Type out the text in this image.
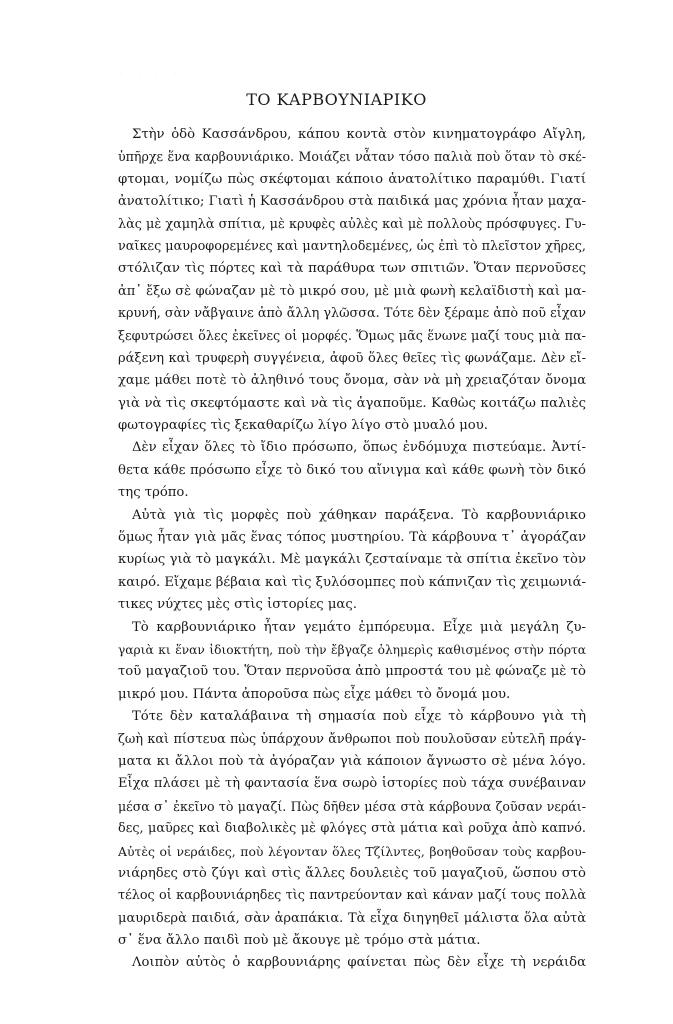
· · · ·
ΤΟ ΚΑΡΒΟΥΝΙΑΡΙΚΟ
Στὴν ὁδὸ Κασσάνδρου, κάπου κοντὰ στὸν κινηματογράφο Αἴγλη,
ὑπῆρχε ἕνα καρβουνιάρικο. Μοιάζει νἆταν τόσο παλιὰ ποὺ ὅταν τὸ σκέ-
φτομαι, νομίζω πὼς σκέφτομαι κάποιο ἀνατολίτικο παραμύθι. Γιατί
ἀνατολίτικο; Γιατὶ ἡ Κασσάνδρου στὰ παιδικά μας χρόνια ἦταν μαχα-
λὰς μὲ χαμηλὰ σπίτια, μὲ κρυφὲς αὐλὲς καὶ μὲ πολλοὺς πρόσφυγες. Γυ-
ναῖκες μαυροφορεμένες καὶ μαντηλοδεμένες, ὡς ἐπὶ τὸ πλεῖστον χῆρες,
στόλιζαν τὶς πόρτες καὶ τὰ παράθυρα των σπιτιῶν. Ὅταν περνοῦσες
ἀπ᾿ ἔξω σὲ φώναζαν μὲ τὸ μικρό σου, μὲ μιὰ φωνὴ κελαϊδιστὴ καὶ μα-
κρυνή, σὰν νἄβγαινε ἀπὸ ἄλλη γλῶσσα. Τότε δὲν ξέραμε ἀπὸ ποῦ εἶχαν
ξεφυτρώσει ὅλες ἐκεῖνες οἱ μορφές. Ὅμως μᾶς ἕνωνε μαζί τους μιὰ πα-
ράξενη καὶ τρυφερὴ συγγένεια, ἀφοῦ ὅλες θεῖες τὶς φωνάζαμε. Δὲν εἴ-
χαμε μάθει ποτὲ τὸ ἀληθινό τους ὄνομα, σὰν νὰ μὴ χρειαζόταν ὄνομα
γιὰ νὰ τὶς σκεφτόμαστε καὶ νὰ τὶς ἀγαποῦμε. Καθὼς κοιτάζω παλιὲς
φωτογραφίες τὶς ξεκαθαρίζω λίγο λίγο στὸ μυαλό μου.
Δὲν εἶχαν ὅλες τὸ ἴδιο πρόσωπο, ὅπως ἐνδόμυχα πιστεύαμε. Ἀντί-
θετα κάθε πρόσωπο εἶχε τὸ δικό του αἴνιγμα καὶ κάθε φωνὴ τὸν δικό
της τρόπο.
Αὐτὰ γιὰ τὶς μορφὲς ποὺ χάθηκαν παράξενα. Τὸ καρβουνιάρικο
ὅμως ἦταν γιὰ μᾶς ἕνας τόπος μυστηρίου. Τὰ κάρβουνα τ᾿ ἀγοράζαν
κυρίως γιὰ τὸ μαγκάλι. Μὲ μαγκάλι ζεσταίναμε τὰ σπίτια ἐκεῖνο τὸν
καιρό. Εἴχαμε βέβαια καὶ τὶς ξυλόσομπες ποὺ κάπνιζαν τὶς χειμωνιά-
τικες νύχτες μὲς στὶς ἱστορίες μας.
Τὸ καρβουνιάρικο ἦταν γεμάτο ἐμπόρευμα. Εἶχε μιὰ μεγάλη ζυ-
γαριὰ κι ἕναν ἰδιοκτήτη, ποὺ τὴν ἔβγαζε ὁλημερὶς καθισμένος στὴν πόρτα
τοῦ μαγαζιοῦ του. Ὅταν περνοῦσα ἀπὸ μπροστά του μὲ φώναζε μὲ τὸ
μικρό μου. Πάντα ἀποροῦσα πὼς εἶχε μάθει τὸ ὄνομά μου.
Τότε δὲν καταλάβαινα τὴ σημασία ποὺ εἶχε τὸ κάρβουνο γιὰ τὴ
ζωὴ καὶ πίστευα πὼς ὑπάρχουν ἄνθρωποι ποὺ πουλοῦσαν εὐτελῆ πράγ-
ματα κι ἄλλοι ποὺ τὰ ἀγόραζαν γιὰ κάποιον ἄγνωστο σὲ μένα λόγο.
Εἶχα πλάσει μὲ τὴ φαντασία ἕνα σωρὸ ἱστορίες ποὺ τάχα συνέβαιναν
μέσα σ᾿ ἐκεῖνο τὸ μαγαζί. Πὼς δῆθεν μέσα στὰ κάρβουνα ζοῦσαν νεράι-
δες, μαῦρες καὶ διαβολικὲς μὲ φλόγες στὰ μάτια καὶ ροῦχα ἀπὸ καπνό.
Αὐτὲς οἱ νεράιδες, ποὺ λέγονταν ὅλες Τζίλντες, βοηθοῦσαν τοὺς καρβου-
νιάρηδες στὸ ζύγι καὶ στὶς ἄλλες δουλειὲς τοῦ μαγαζιοῦ, ὥσπου στὸ
τέλος οἱ καρβουνιάρηδες τὶς παντρεύονταν καὶ κάναν μαζί τους πολλὰ
μαυριδερὰ παιδιά, σὰν ἀραπάκια. Τὰ εἶχα διηγηθεῖ μάλιστα ὅλα αὐτὰ
σ᾿ ἕνα ἄλλο παιδὶ ποὺ μὲ ἄκουγε μὲ τρόμο στὰ μάτια.
Λοιπὸν αὐτὸς ὁ καρβουνιάρης φαίνεται πὼς δὲν εἶχε τὴ νεράιδα
